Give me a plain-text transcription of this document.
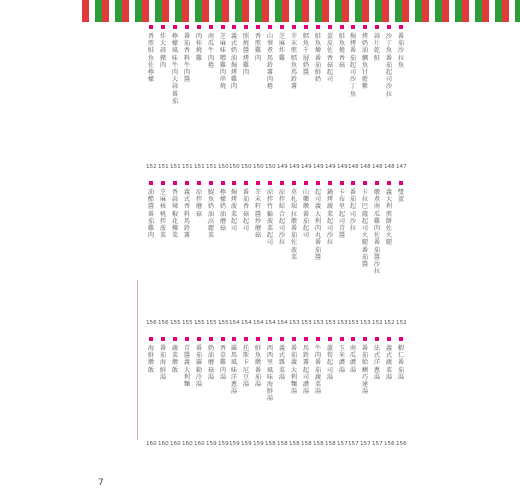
番茄沙拉魚
147
沙丁魚番茄起司沙拉
148
蒜片乾鮭
148
烤奶油鯛魚甘藍紫
148
焗烤番茄起司沙丁魚
148
鮭魚捲香菇
149
蛋皮佐香菇起司
149
鮭魚燴番茄鮮奶
149
鱈魚千層奶醬
149
芥末煎鱈魚馬鈴薯
149
芝麻炸雞
149
山葵煮馬鈴薯肉捲
150
香煎雞肉
150
照燒醬烤雞肉
150
義式奶油焗烤雞肉
150
芝麻味噌雞肉串燒
150
南瓜牛肉捲
151
肉桂燒雞
151
番茄香料牛肉醬
151
檸檬風味牛肉大蒜番茄
151
炸大蒜豬肉
151
香煎鮭魚佐檸檬
152
雙蛋
152
義大利煎餅佐火腿
152
燉煮南瓜雞肉佐番茄醬沙拉
152
卡拉巴薩起司火腿番茄醬
153
番茄起司沙拉
153
卡布里起司青醬
153
鍋烤蔬菜起司沙拉
153
起司義大利肉丸番茄醬
153
山藥燉番茄起司
153
莫札瑞拉燉番茄佐菠菜
153
涼拌綜合起司沙拉
154
涼拌竹輪菠菜起司
154
芥末籽醬炒蘑菇
154
番茄香菇起司
154
焗烤菠菜起司
154
檸檬奶油蘑菇
155
鯷魚奶油高麗菜
155
涼拌蘑菇
155
義式香料馬鈴薯
155
香蒜辣椒花椰菜
155
芝麻核桃拌菠菜
156
油醋醬番茄雞肉
156
蝦仁番茄湯
156
義式蔬菜湯
156
法式洋蔥湯
157
番茄蛤蜊巧達湯
157
南瓜濃湯
157
玉米濃湯
157
蘆筍起司湯
158
牛肉番茄蔬菜湯
158
馬鈴薯起司濃湯
158
番茄義大利麵湯
158
義式雜菜湯
158
西西里風味海鮮湯
158
鮮魚燉番茄湯
159
托斯卡尼豆湯
159
羅馬風味洋蔥湯
159
香草雞肉湯
159
奶油蘑菇湯
159
番茄羅勒冷湯
160
青醬義大利麵
160
蔬菜燉飯
160
番茄海鮮湯
160
海鮮燉飯
160
7
